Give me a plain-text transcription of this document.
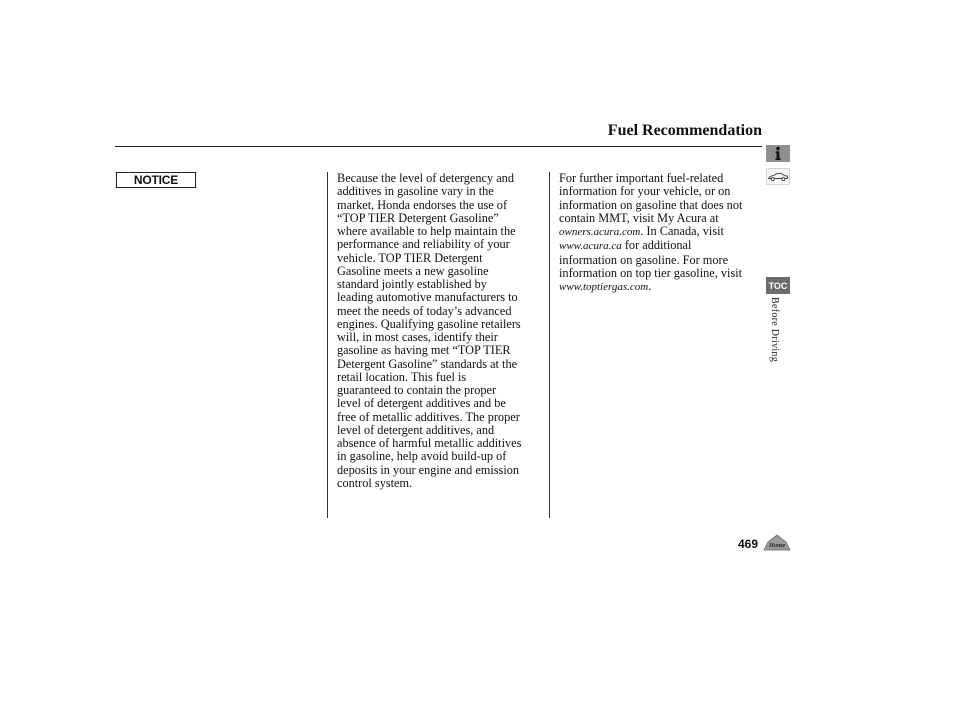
Fuel Recommendation
NOTICE	Because the level of detergency and
additives in gasoline vary in the
market, Honda endorses the use of
“TOP TIER Detergent Gasoline”
where available to help maintain the
performance and reliability of your
vehicle. TOP TIER Detergent
Gasoline meets a new gasoline
standard jointly established by
leading automotive manufacturers to
meet the needs of today’s advanced
engines. Qualifying gasoline retailers
will, in most cases, identify their
gasoline as having met “TOP TIER
Detergent Gasoline” standards at the
retail location. This fuel is
guaranteed to contain the proper
level of detergent additives and be
free of metallic additives. The proper
level of detergent additives, and
absence of harmful metallic additives
in gasoline, help avoid build-up of
deposits in your engine and emission
control system.
For further important fuel-related
information for your vehicle, or on
information on gasoline that does not
contain MMT, visit My Acura at
owners.acura.com. In Canada, visit
www.acura.ca for additional
information on gasoline. For more
information on top tier gasoline, visit
www.toptiergas.com.	TOC
Before Driving
469 Home
